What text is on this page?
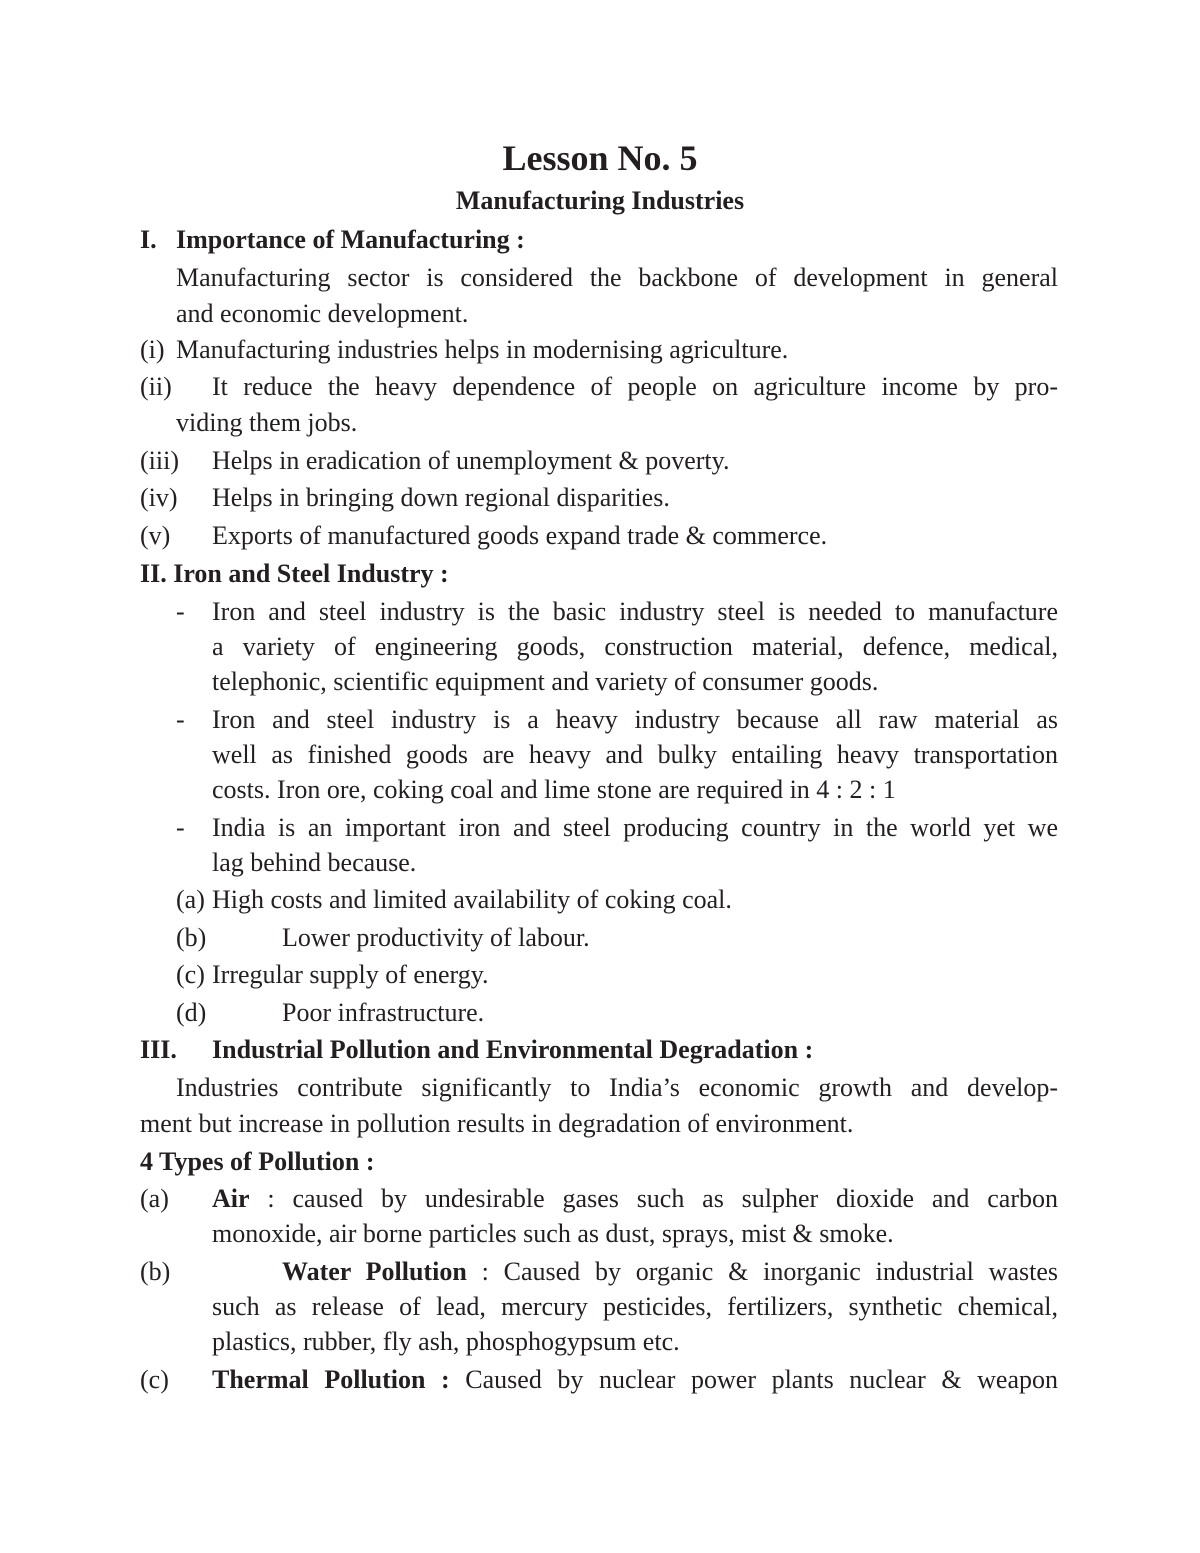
Lesson No. 5
Manufacturing Industries
I. Importance of Manufacturing :
Manufacturing sector is considered the backbone of development in general
and economic development.
(i) Manufacturing industries helps in modernising agriculture.
(ii) It reduce the heavy dependence of people on agriculture income by pro-
viding them jobs.
(iii) Helps in eradication of unemployment & poverty.
(iv) Helps in bringing down regional disparities.
(v) Exports of manufactured goods expand trade & commerce.
II. Iron and Steel Industry :
- Iron and steel industry is the basic industry steel is needed to manufacture
a variety of engineering goods, construction material, defence, medical,
telephonic, scientific equipment and variety of consumer goods.
- Iron and steel industry is a heavy industry because all raw material as
well as finished goods are heavy and bulky entailing heavy transportation
costs. Iron ore, coking coal and lime stone are required in 4 : 2 : 1
- India is an important iron and steel producing country in the world yet we
lag behind because.
(a) High costs and limited availability of coking coal.
(b)	Lower productivity of labour.
(c) Irregular supply of energy.
(d)	Poor infrastructure.
III. Industrial Pollution and Environmental Degradation :
Industries contribute significantly to India’s economic growth and develop-
ment but increase in pollution results in degradation of environment.
4 Types of Pollution :
(a) Air : caused by undesirable gases such as sulpher dioxide and carbon
monoxide, air borne particles such as dust, sprays, mist & smoke.
(b)	Water Pollution : Caused by organic & inorganic industrial wastes
such as release of lead, mercury pesticides, fertilizers, synthetic chemical,
plastics, rubber, fly ash, phosphogypsum etc.
(c) Thermal Pollution : Caused by nuclear power plants nuclear & weapon
